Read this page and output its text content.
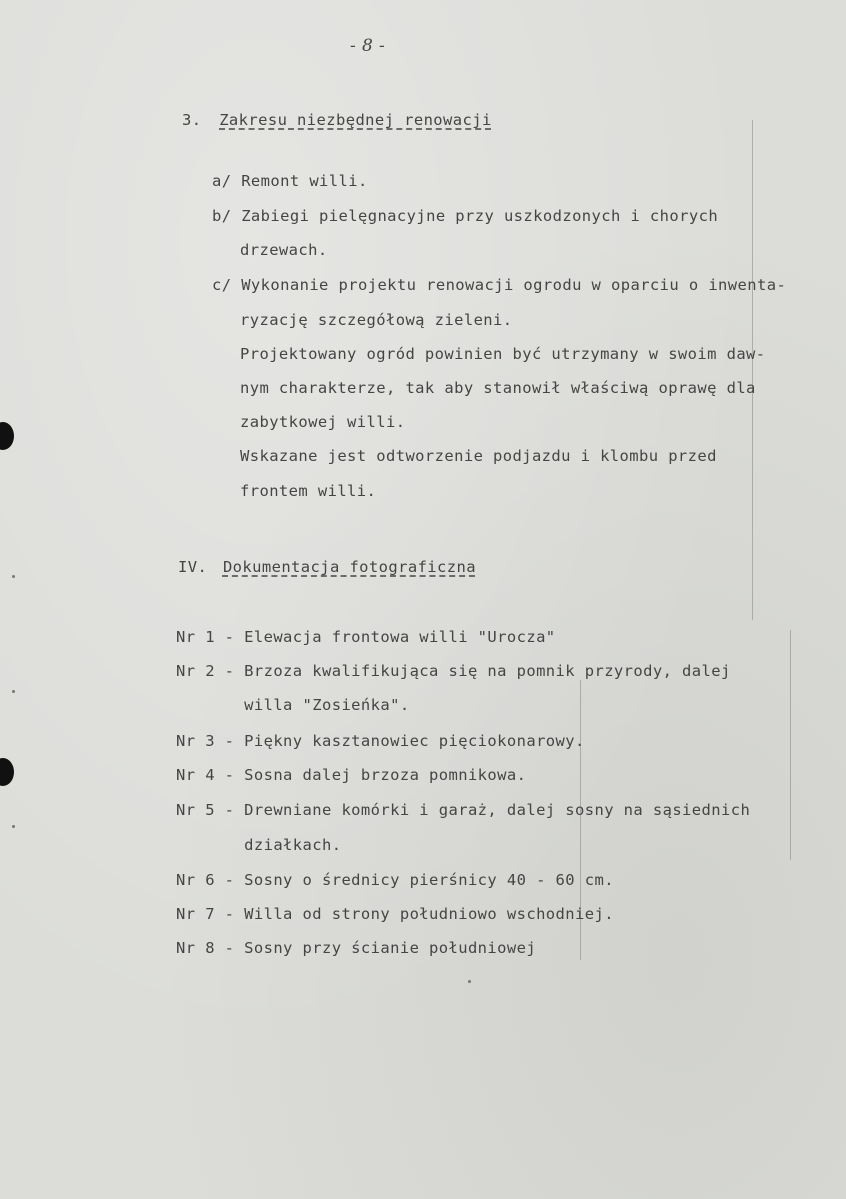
- 8 -
3. Zakresu niezbędnej renowacji
a/ Remont willi.
b/ Zabiegi pielęgnacyjne przy uszkodzonych i chorych
drzewach.
c/ Wykonanie projektu renowacji ogrodu w oparciu o inwenta-
ryzację szczegółową zieleni.
Projektowany ogród powinien być utrzymany w swoim daw-
nym charakterze, tak aby stanowił właściwą oprawę dla
zabytkowej willi.
Wskazane jest odtworzenie podjazdu i klombu przed
frontem willi.
IV. Dokumentacja fotograficzna
Nr 1 - Elewacja frontowa willi "Urocza"
Nr 2 - Brzoza kwalifikująca się na pomnik przyrody, dalej
willa "Zosieńka".
Nr 3 - Piękny kasztanowiec pięciokonarowy.
Nr 4 - Sosna dalej brzoza pomnikowa.
Nr 5 - Drewniane komórki i garaż, dalej sosny na sąsiednich
działkach.
Nr 6 - Sosny o średnicy pierśnicy 40 - 60 cm.
Nr 7 - Willa od strony południowo wschodniej.
Nr 8 - Sosny przy ścianie południowej
